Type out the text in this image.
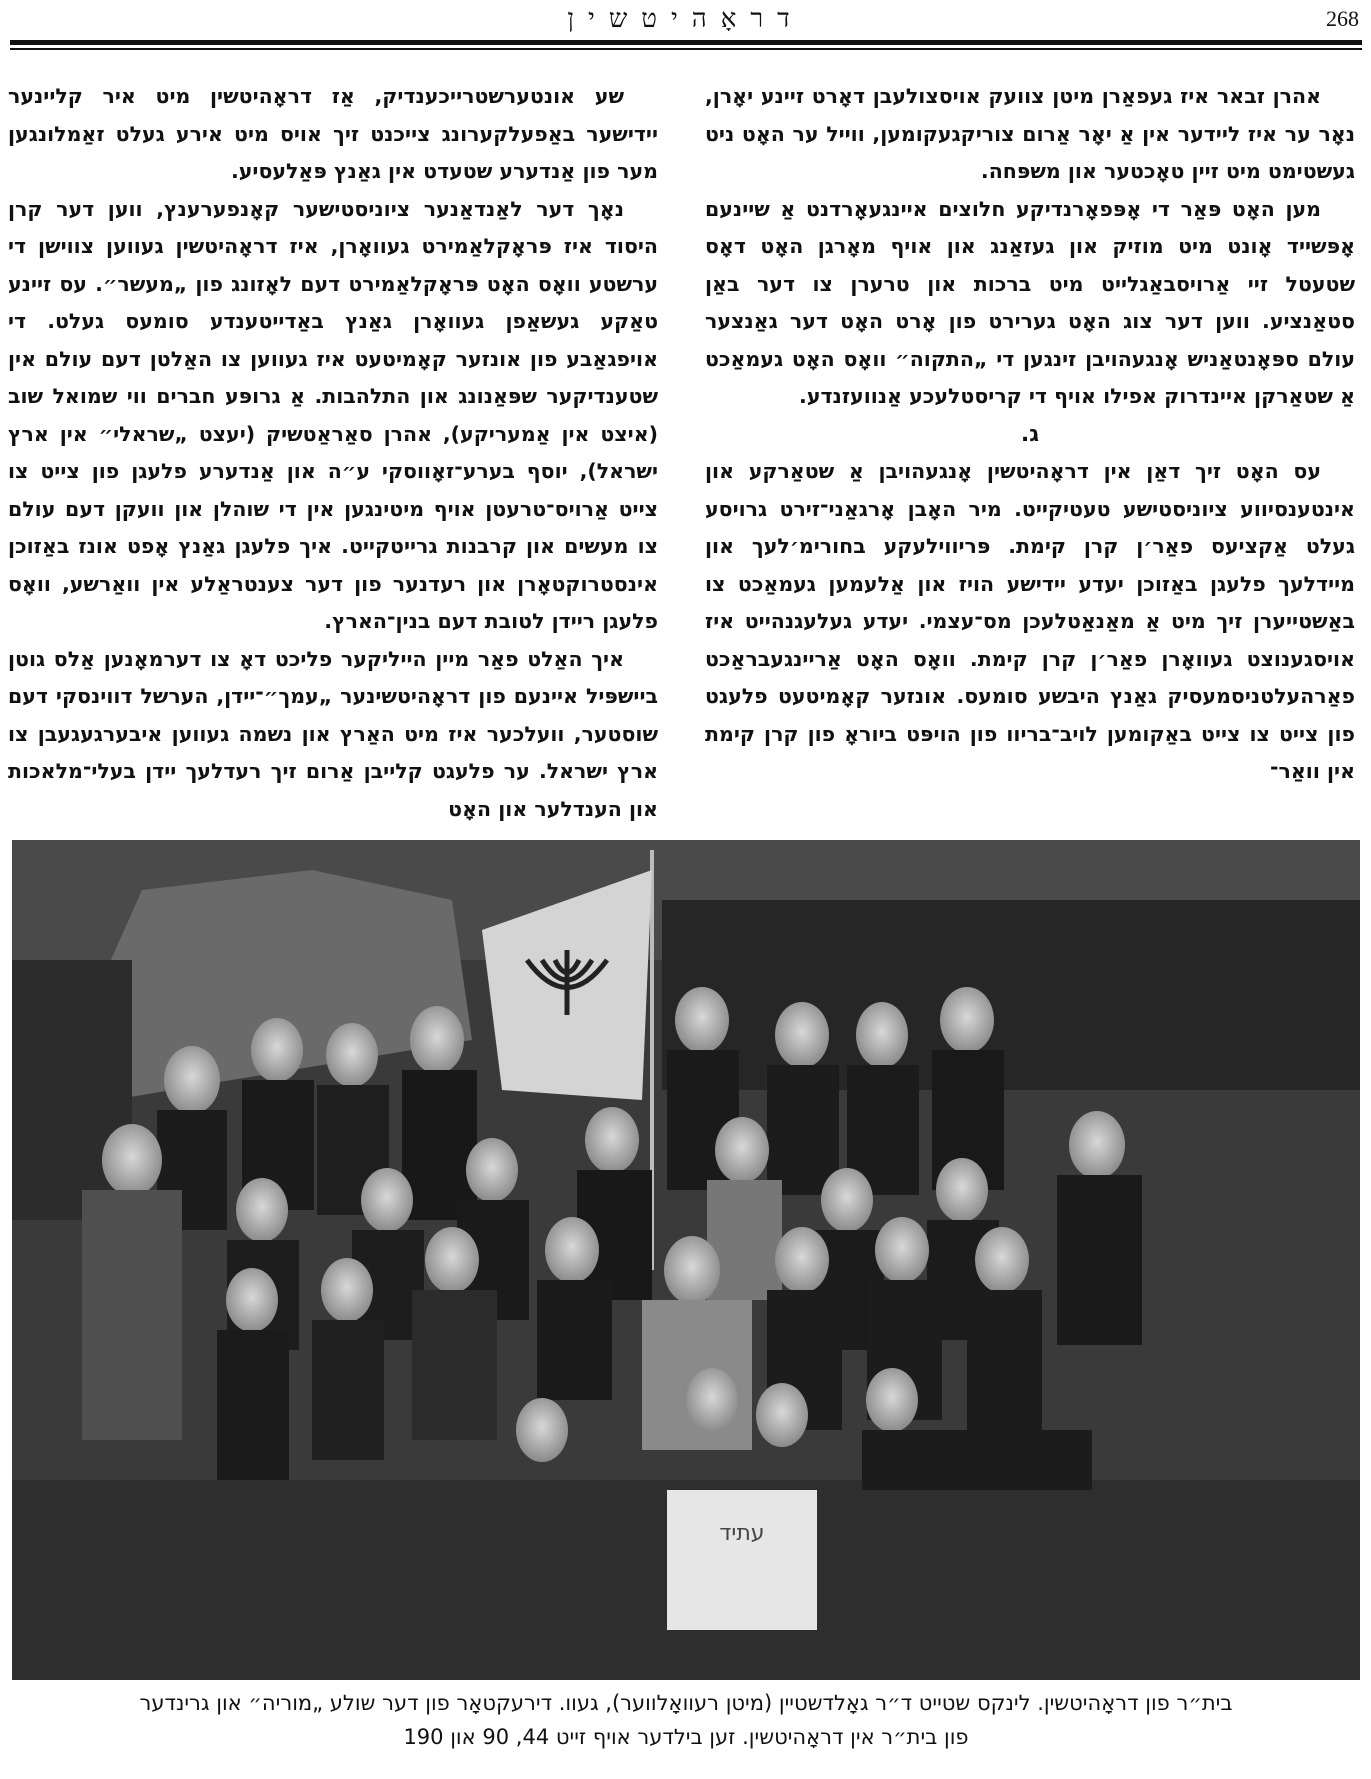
דראָהיטשין	268

אהרן זבאר איז געפאַרן מיטן צוועק אויסצולעבן דאָרט זיינע יאָרן, נאָר ער איז ליידער אין אַ יאָר אַרום צוריקגעקומען, ווייל ער האָט ניט געשטימט מיט זיין טאָכטער און משפּחה.

מען האָט פּאַר די אָפּפאָרנדיקע חלוצים איינגעאָרדנט אַ שיינעם אָפּשייד אָונט מיט מוזיק און געזאַנג און אויף מאָרגן האָט דאָס שטעטל זיי אַרויסבאַגלייט מיט ברכות און טרערן צו דער באַן סטאַנציע. ווען דער צוג האָט גערירט פון אָרט האָט דער גאַנצער עולם ספּאָנטאַניש אָנגעהויבן זינגען די „התקוה״ וואָס האָט געמאַכט אַ שטאַרקן איינדרוק אפילו אויף די קריסטלעכע אַנוועזנדע.

ג.

עס האָט זיך דאַן אין דראָהיטשין אָנגעהויבן אַ שטאַרקע און אינטענסיווע ציוניסטישע טעטיקייט. מיר האָבן אָרגאַני־זירט גרויסע געלט אַקציעס פאַר׳ן קרן קימת. פּריווילעקע בחורימ׳לעך און מיידלעך פלעגן באַזוכן יעדע יידישע הויז און אַלעמען געמאַכט צו באַשטייערן זיך מיט אַ מאַנאַטלעכן מס־עצמי. יעדע געלעגנהייט איז אויסגענוצט געוואָרן פאַר׳ן קרן קימת. וואָס האָט אַריינגעבראַכט פאַרהעלטניסמעסיק גאַנץ היבשע סומעס. אונזער קאָמיטעט פלעגט פון צייט צו צייט באַקומען לויב־בריוו פון הויפּט ביוראָ פון קרן קימת אין וואַר־

שע אונטערשטרייכענדיק, אַז דראָהיטשין מיט איר קליינער יידישער באַפעלקערונג צייכנט זיך אויס מיט אירע געלט זאַמלונגען מער פון אַנדערע שטעדט אין גאַנץ פּאַלעסיע.

נאָך דער לאַנדאַנער ציוניסטישער קאָנפערענץ, ווען דער קרן היסוד איז פּראָקלאַמירט געוואָרן, איז דראָהיטשין געווען צווישן די ערשטע וואָס האָט פּראָקלאַמירט דעם לאָזונג פון „מעשר״. עס זיינע טאַקע געשאַפן געוואָרן גאַנץ באַדייטענדע סומעס געלט. די אויפגאַבע פון אונזער קאָמיטעט איז געווען צו האַלטן דעם עולם אין שטענדיקער שפּאַנונג און התלהבות. אַ גרופּע חברים ווי שמואל שוב (איצט אין אַמעריקע), אהרן סאַראַטשיק (יעצט „שראלי״ אין ארץ ישראל), יוסף בערע־זאָווסקי ע״ה און אַנדערע פלעגן פון צייט צו צייט אַרויס־טרעטן אויף מיטינגען אין די שוהלן און וועקן דעם עולם צו מעשים און קרבנות גרייטקייט. איך פלעגן גאַנץ אָפט אונז באַזוכן אינסטרוקטאָרן און רעדנער פון דער צענטראַלע אין וואַרשע, וואָס פלעגן ריידן לטובת דעם בנין־הארץ.

איך האַלט פאַר מיין הייליקער פליכט דאָ צו דערמאָנען אַלס גוטן ביישפּיל איינעם פון דראָהיטשינער „עמך״־יידן, הערשל דווינסקי דעם שוסטער, וועלכער איז מיט האַרץ און נשמה געווען איבערגעגעבן צו ארץ ישראל. ער פלעגט קלייבן אַרום זיך רעדלעך יידן בעלי־מלאכות און הענדלער און האָט

עתיד
בית״ר פון דראָהיטשין. לינקס שטייט ד״ר גאָלדשטיין (מיטן רעוואָלווער), געוו. דירעקטאָר פון דער שולע „מוריה״ און גרינדער
פון בית״ר אין דראָהיטשין. זען בילדער אויף זייט 44, 90 און 190
